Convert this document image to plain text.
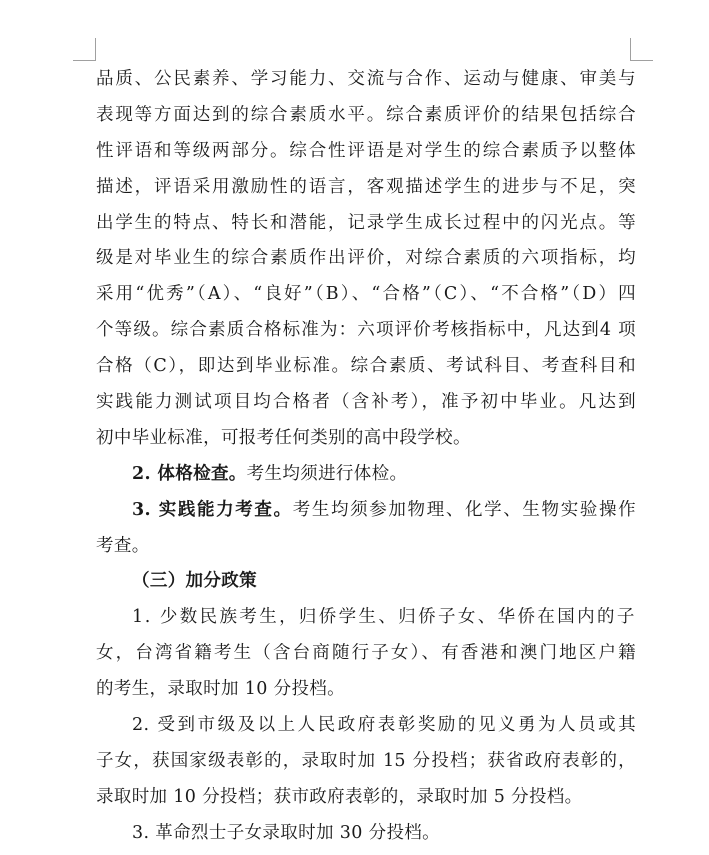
品质、公民素养、学习能力、交流与合作、运动与健康、审美与
表现等方面达到的综合素质水平。综合素质评价的结果包括综合
性评语和等级两部分。综合性评语是对学生的综合素质予以整体
描述，评语采用激励性的语言，客观描述学生的进步与不足，突
出学生的特点、特长和潜能，记录学生成长过程中的闪光点。等
级是对毕业生的综合素质作出评价，对综合素质的六项指标，均
采用“优秀”（A）、“良好”（B）、“合格”（C）、“不合格”（D）四
个等级。综合素质合格标准为：六项评价考核指标中，凡达到4 项
合格（C），即达到毕业标准。综合素质、考试科目、考查科目和
实践能力测试项目均合格者（含补考），准予初中毕业。凡达到
初中毕业标准，可报考任何类别的高中段学校。
2. 体格检查。考生均须进行体检。
3. 实践能力考查。考生均须参加物理、化学、生物实验操作
考查。
（三）加分政策
1. 少数民族考生，归侨学生、归侨子女、华侨在国内的子
女，台湾省籍考生（含台商随行子女）、有香港和澳门地区户籍
的考生，录取时加 10 分投档。
2. 受到市级及以上人民政府表彰奖励的见义勇为人员或其
子女，获国家级表彰的，录取时加 15 分投档；获省政府表彰的，
录取时加 10 分投档；获市政府表彰的，录取时加 5 分投档。
3. 革命烈士子女录取时加 30 分投档。
